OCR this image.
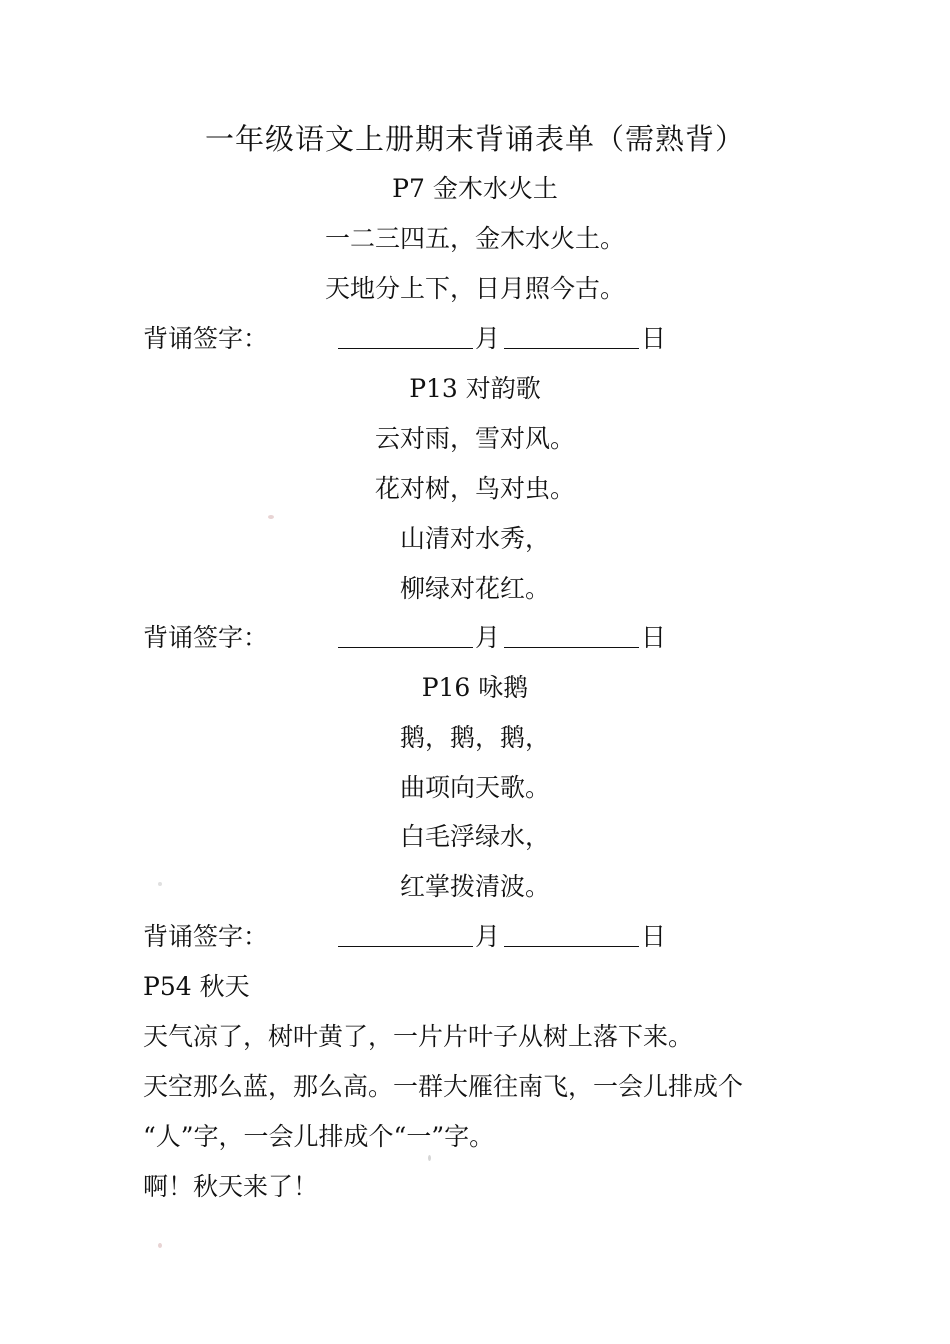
一年级语文上册期末背诵表单（需熟背）
P7 金木水火土
一二三四五，金木水火土。
天地分上下，日月照今古。
背诵签字：	月	日
P13 对韵歌
云对雨，雪对风。
花对树，鸟对虫。
山清对水秀，
柳绿对花红。
背诵签字：	月	日
P16 咏鹅
鹅，鹅，鹅，
曲项向天歌。
白毛浮绿水，
红掌拨清波。
背诵签字：	月	日
P54 秋天
天气凉了，树叶黄了，一片片叶子从树上落下来。
天空那么蓝，那么高。一群大雁往南飞，一会儿排成个
“人”字，一会儿排成个“一”字。
啊！秋天来了！
